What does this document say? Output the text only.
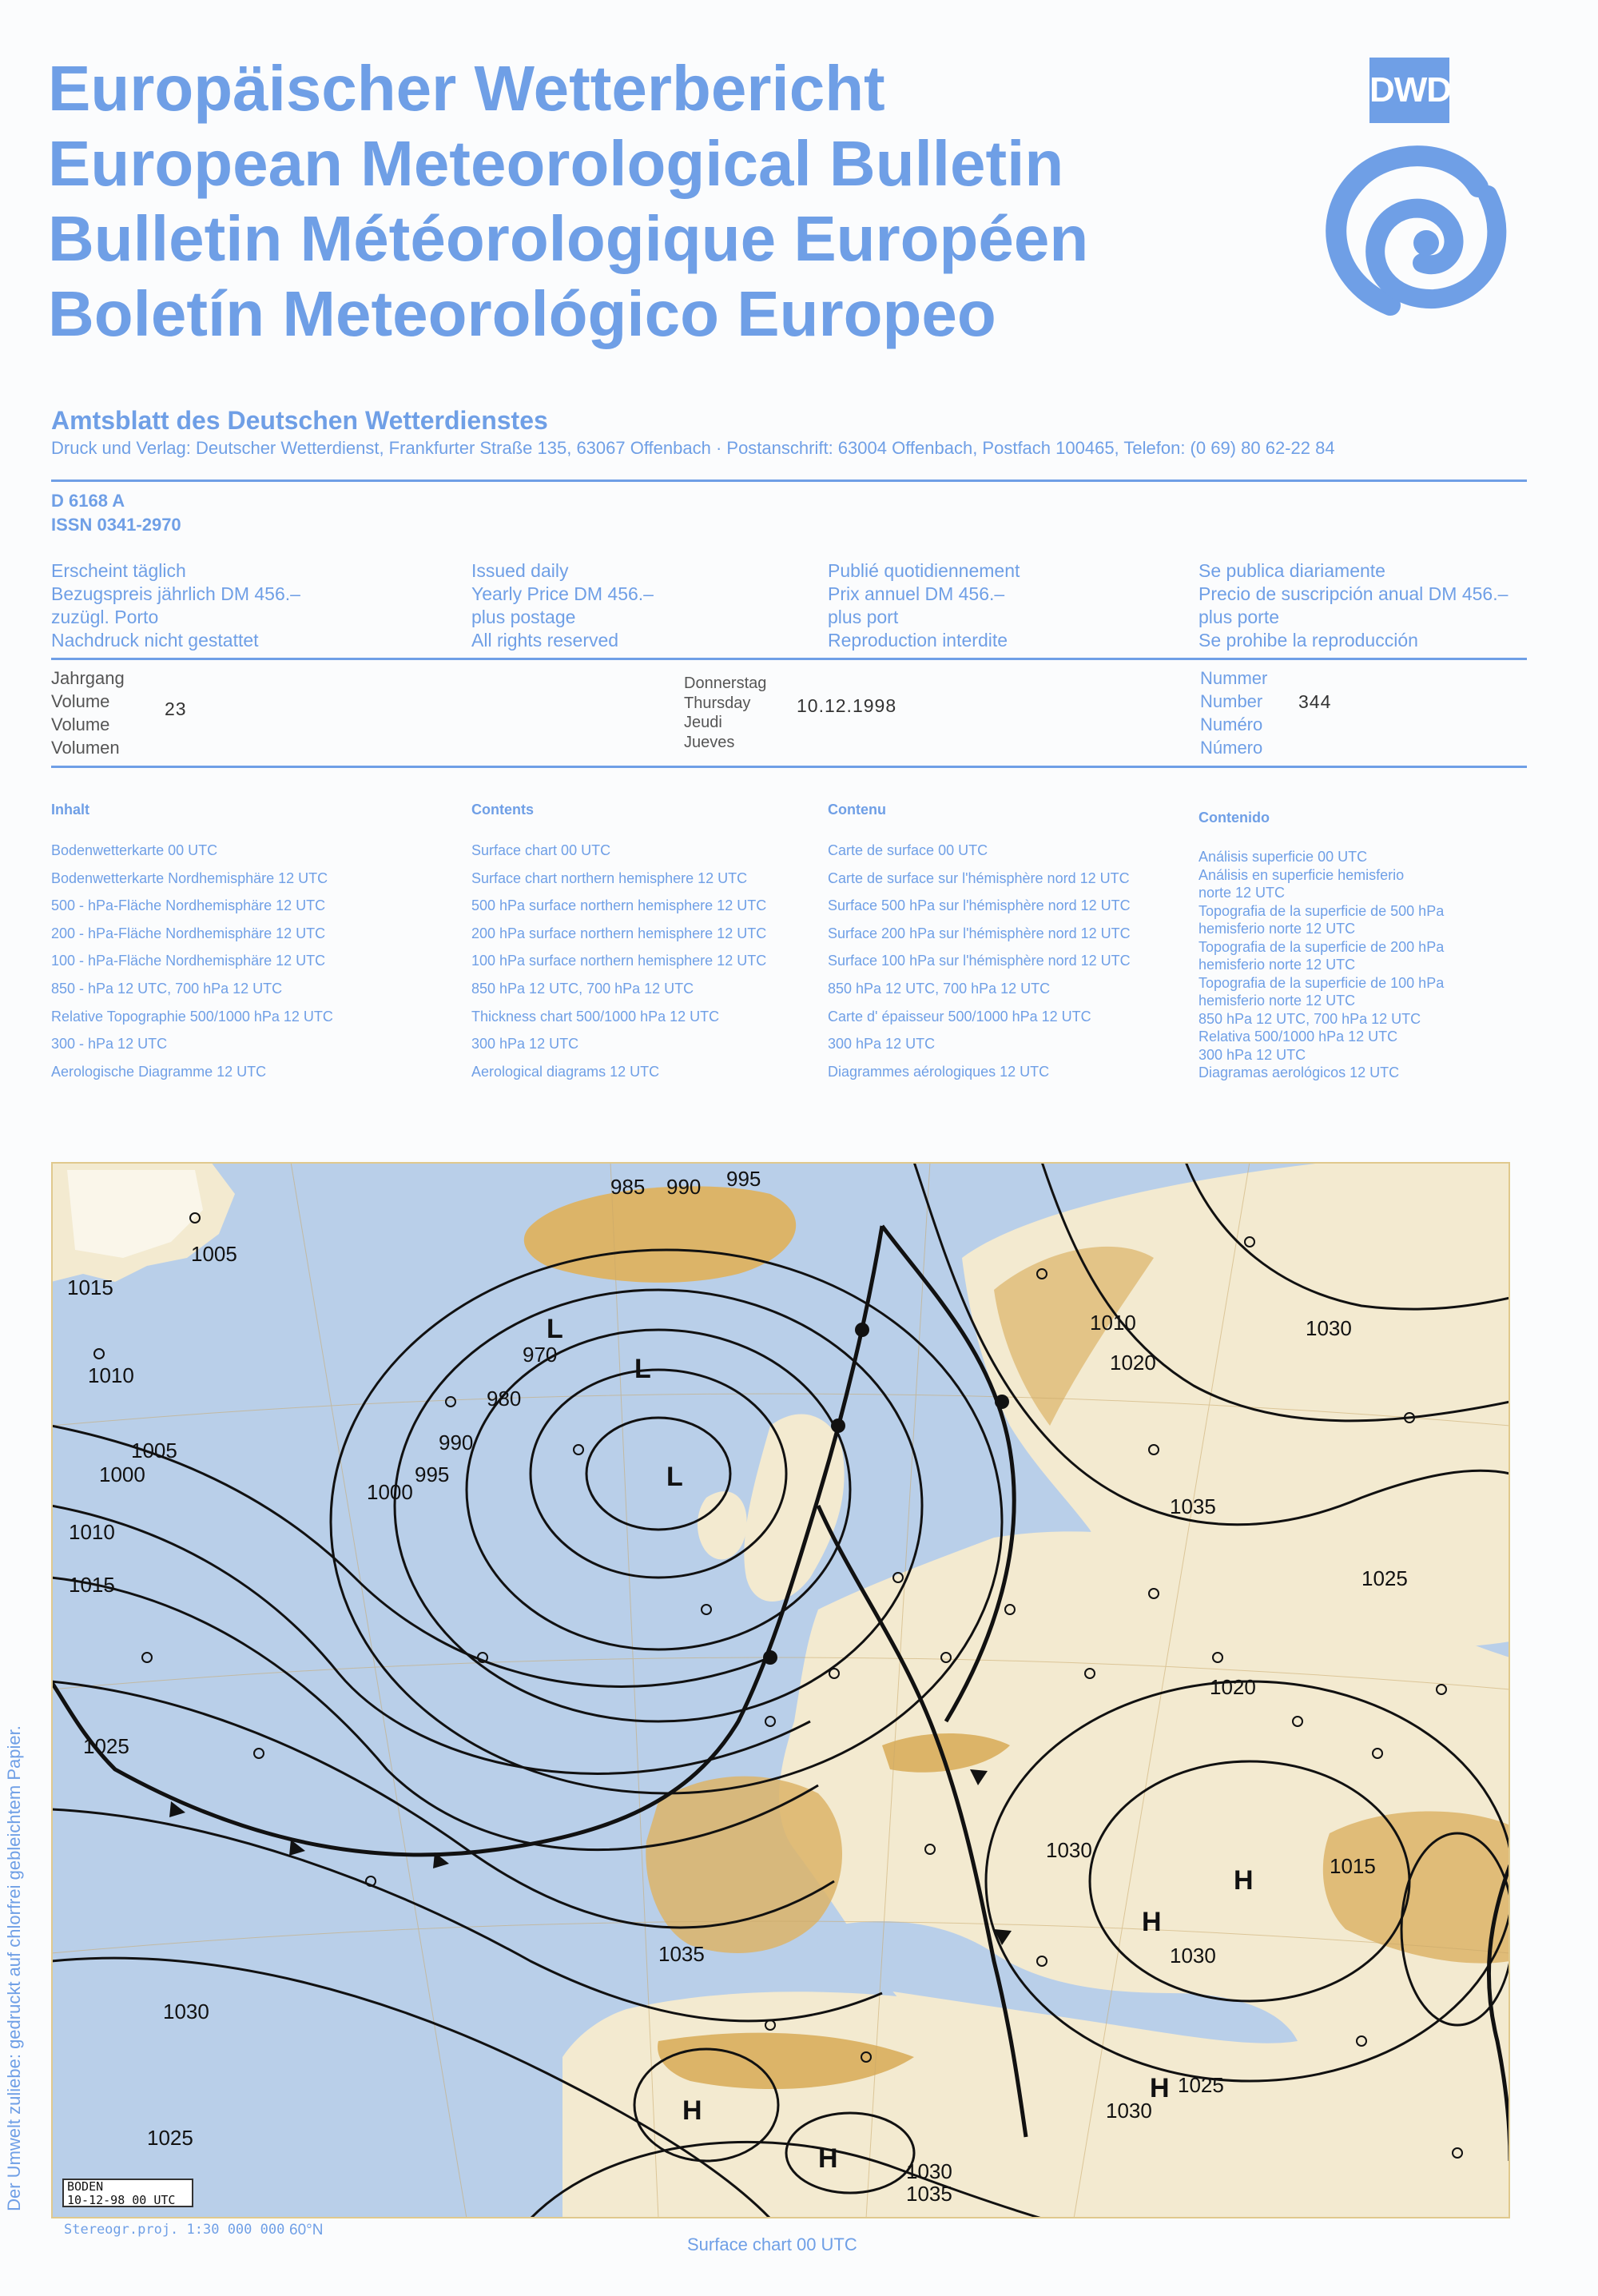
Europäischer Wetterbericht
European Meteorological Bulletin
Bulletin Météorologique Européen
Boletín Meteorológico Europeo
DWD
Amtsblatt des Deutschen Wetterdienstes
Druck und Verlag: Deutscher Wetterdienst, Frankfurter Straße 135, 63067 Offenbach · Postanschrift: 63004 Offenbach, Postfach 100465, Telefon: (0 69) 80 62-22 84
D 6168 A
ISSN 0341-2970
Erscheint täglich
Bezugspreis jährlich DM 456.–
zuzügl. Porto
Nachdruck nicht gestattet
Issued daily
Yearly Price DM 456.–
plus postage
All rights reserved
Publié quotidiennement
Prix annuel DM 456.–
plus port
Reproduction interdite
Se publica diariamente
Precio de suscripción anual DM 456.–
plus porte
Se prohibe la reproducción
Jahrgang
Volume
Volume
Volumen
23
Donnerstag
Thursday
Jeudi
Jueves
10.12.1998
Nummer
Number
Numéro
Número
344
Inhalt
Bodenwetterkarte 00 UTC
Bodenwetterkarte Nordhemisphäre 12 UTC
500 - hPa-Fläche Nordhemisphäre 12 UTC
200 - hPa-Fläche Nordhemisphäre 12 UTC
100 - hPa-Fläche Nordhemisphäre 12 UTC
850 - hPa 12 UTC, 700 hPa 12 UTC
Relative Topographie 500/1000 hPa 12 UTC
300 - hPa 12 UTC
Aerologische Diagramme 12 UTC
Contents
Surface chart 00 UTC
Surface chart northern hemisphere 12 UTC
500 hPa surface northern hemisphere 12 UTC
200 hPa surface northern hemisphere 12 UTC
100 hPa surface northern hemisphere 12 UTC
850 hPa 12 UTC, 700 hPa 12 UTC
Thickness chart 500/1000 hPa 12 UTC
300 hPa 12 UTC
Aerological diagrams 12 UTC
Contenu
Carte de surface 00 UTC
Carte de surface sur l'hémisphère nord 12 UTC
Surface 500 hPa sur l'hémisphère nord 12 UTC
Surface 200 hPa sur l'hémisphère nord 12 UTC
Surface 100 hPa sur l'hémisphère nord 12 UTC
850 hPa 12 UTC, 700 hPa 12 UTC
Carte d' épaisseur 500/1000 hPa 12 UTC
300 hPa 12 UTC
Diagrammes aérologiques 12 UTC
Contenido
Análisis superficie 00 UTC
Análisis en superficie hemisferio
norte 12 UTC
Topografia de la superficie de 500 hPa
hemisferio norte 12 UTC
Topografia de la superficie de 200 hPa
hemisferio norte 12 UTC
Topografia de la superficie de 100 hPa
hemisferio norte 12 UTC
850 hPa 12 UTC, 700 hPa 12 UTC
Relativa 500/1000 hPa 12 UTC
300 hPa 12 UTC
Diagramas aerológicos 12 UTC
L
L
L
H
H
H
H
H
985 990 995
970
980
990
995
1000
1005
1000
1010
1015
1005
1015
1010
1010
1020
1030
1035
1025
1020
1025
1030
1015
1035	1030
1030
1030
1025
1030
1035
1025
BODEN
10-12-98 00 UTC
Stereogr.proj. 1:30 000 000 60°N
Surface chart 00 UTC
Der Umwelt zuliebe: gedruckt auf chlorfrei gebleichtem Papier.
